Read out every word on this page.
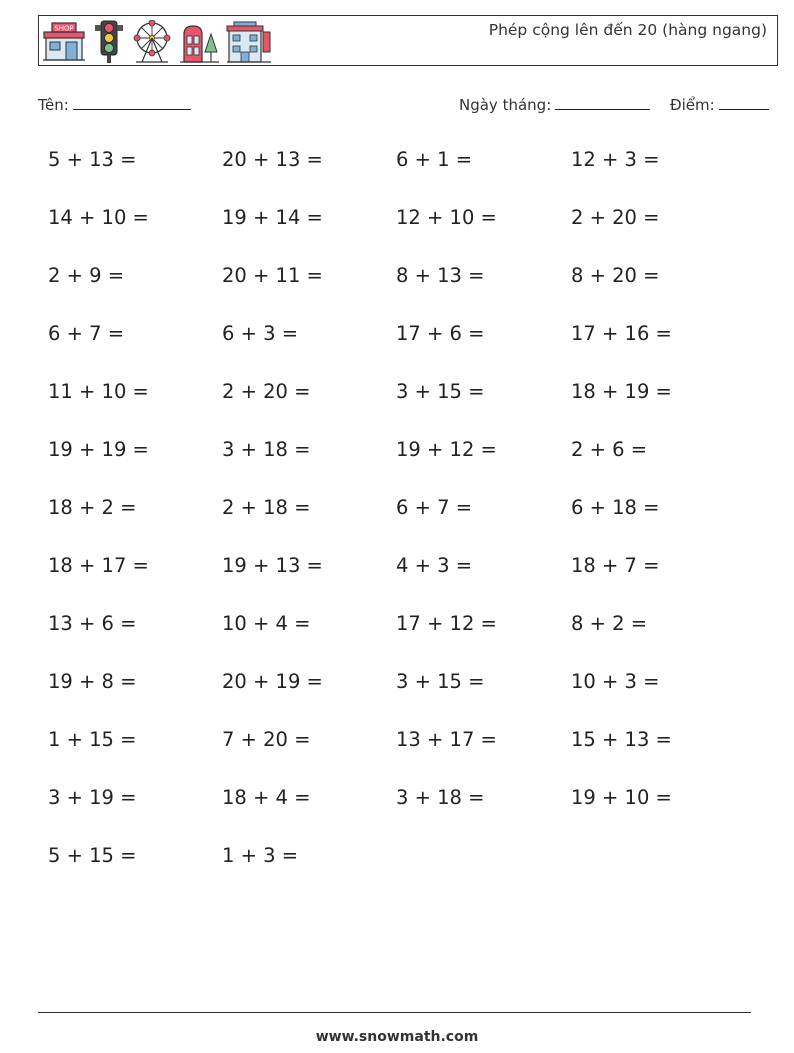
SHOP	Phép cộng lên đến 20 (hàng ngang)
Tên:	Ngày tháng:	Điểm:
5 + 13 =	20 + 13 =	6 + 1 =	12 + 3 =
14 + 10 =	19 + 14 =	12 + 10 =	2 + 20 =
2 + 9 =	20 + 11 =	8 + 13 =	8 + 20 =
6 + 7 =	6 + 3 =	17 + 6 =	17 + 16 =
11 + 10 =	2 + 20 =	3 + 15 =	18 + 19 =
19 + 19 =	3 + 18 =	19 + 12 =	2 + 6 =
18 + 2 =	2 + 18 =	6 + 7 =	6 + 18 =
18 + 17 =	19 + 13 =	4 + 3 =	18 + 7 =
13 + 6 =	10 + 4 =	17 + 12 =	8 + 2 =
19 + 8 =	20 + 19 =	3 + 15 =	10 + 3 =
1 + 15 =	7 + 20 =	13 + 17 =	15 + 13 =
3 + 19 =	18 + 4 =	3 + 18 =	19 + 10 =
5 + 15 =	1 + 3 =
www.snowmath.com
